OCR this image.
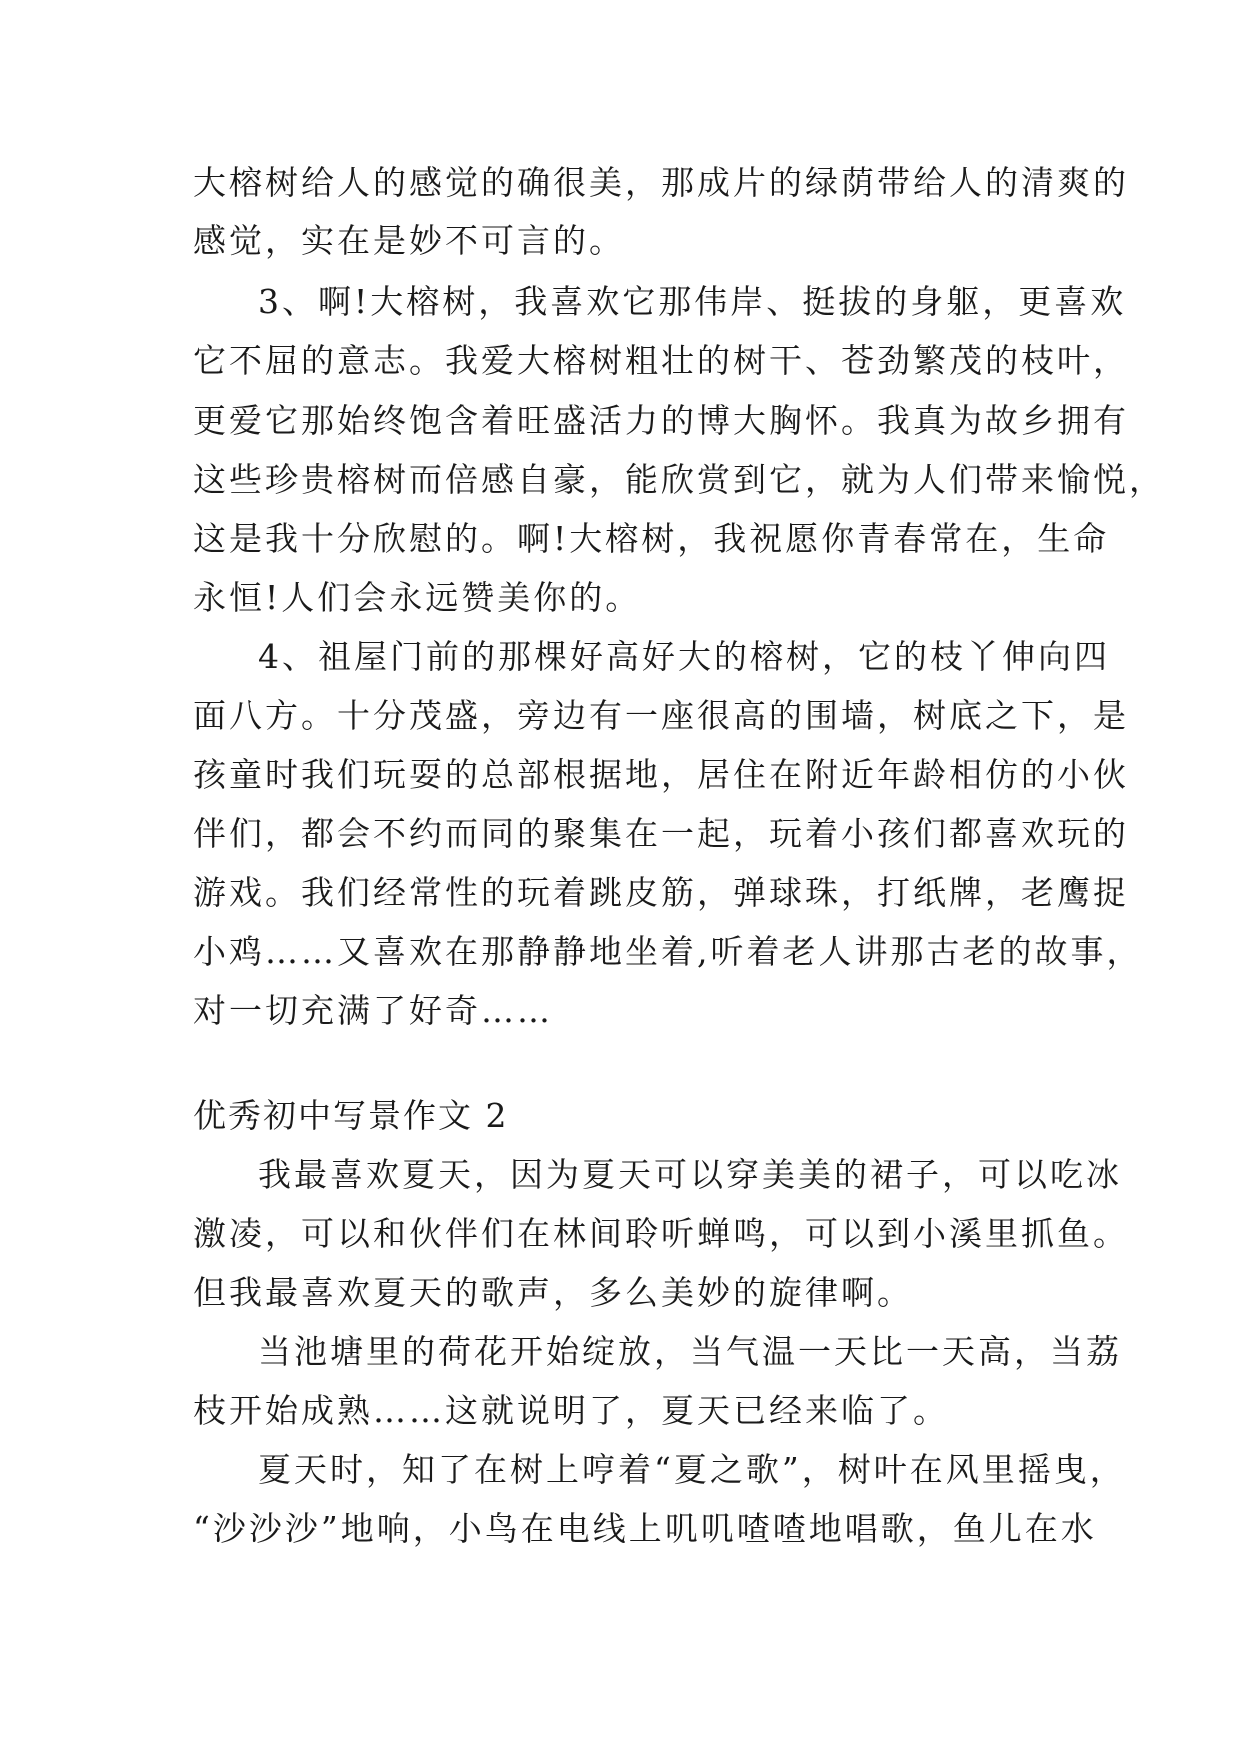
大榕树给人的感觉的确很美，那成片的绿荫带给人的清爽的
感觉，实在是妙不可言的。
3、啊!大榕树，我喜欢它那伟岸、挺拔的身躯，更喜欢
它不屈的意志。我爱大榕树粗壮的树干、苍劲繁茂的枝叶，
更爱它那始终饱含着旺盛活力的博大胸怀。我真为故乡拥有
这些珍贵榕树而倍感自豪，能欣赏到它，就为人们带来愉悦，
这是我十分欣慰的。啊!大榕树，我祝愿你青春常在，生命
永恒!人们会永远赞美你的。
4、祖屋门前的那棵好高好大的榕树，它的枝丫伸向四
面八方。十分茂盛，旁边有一座很高的围墙，树底之下，是
孩童时我们玩耍的总部根据地，居住在附近年龄相仿的小伙
伴们，都会不约而同的聚集在一起，玩着小孩们都喜欢玩的
游戏。我们经常性的玩着跳皮筋，弹球珠，打纸牌，老鹰捉
小鸡……又喜欢在那静静地坐着,听着老人讲那古老的故事，
对一切充满了好奇……
优秀初中写景作文 2
我最喜欢夏天，因为夏天可以穿美美的裙子，可以吃冰
激凌，可以和伙伴们在林间聆听蝉鸣，可以到小溪里抓鱼。
但我最喜欢夏天的歌声，多么美妙的旋律啊。
当池塘里的荷花开始绽放，当气温一天比一天高，当荔
枝开始成熟……这就说明了，夏天已经来临了。
夏天时，知了在树上哼着“夏之歌”，树叶在风里摇曳，
“沙沙沙”地响，小鸟在电线上叽叽喳喳地唱歌，鱼儿在水
